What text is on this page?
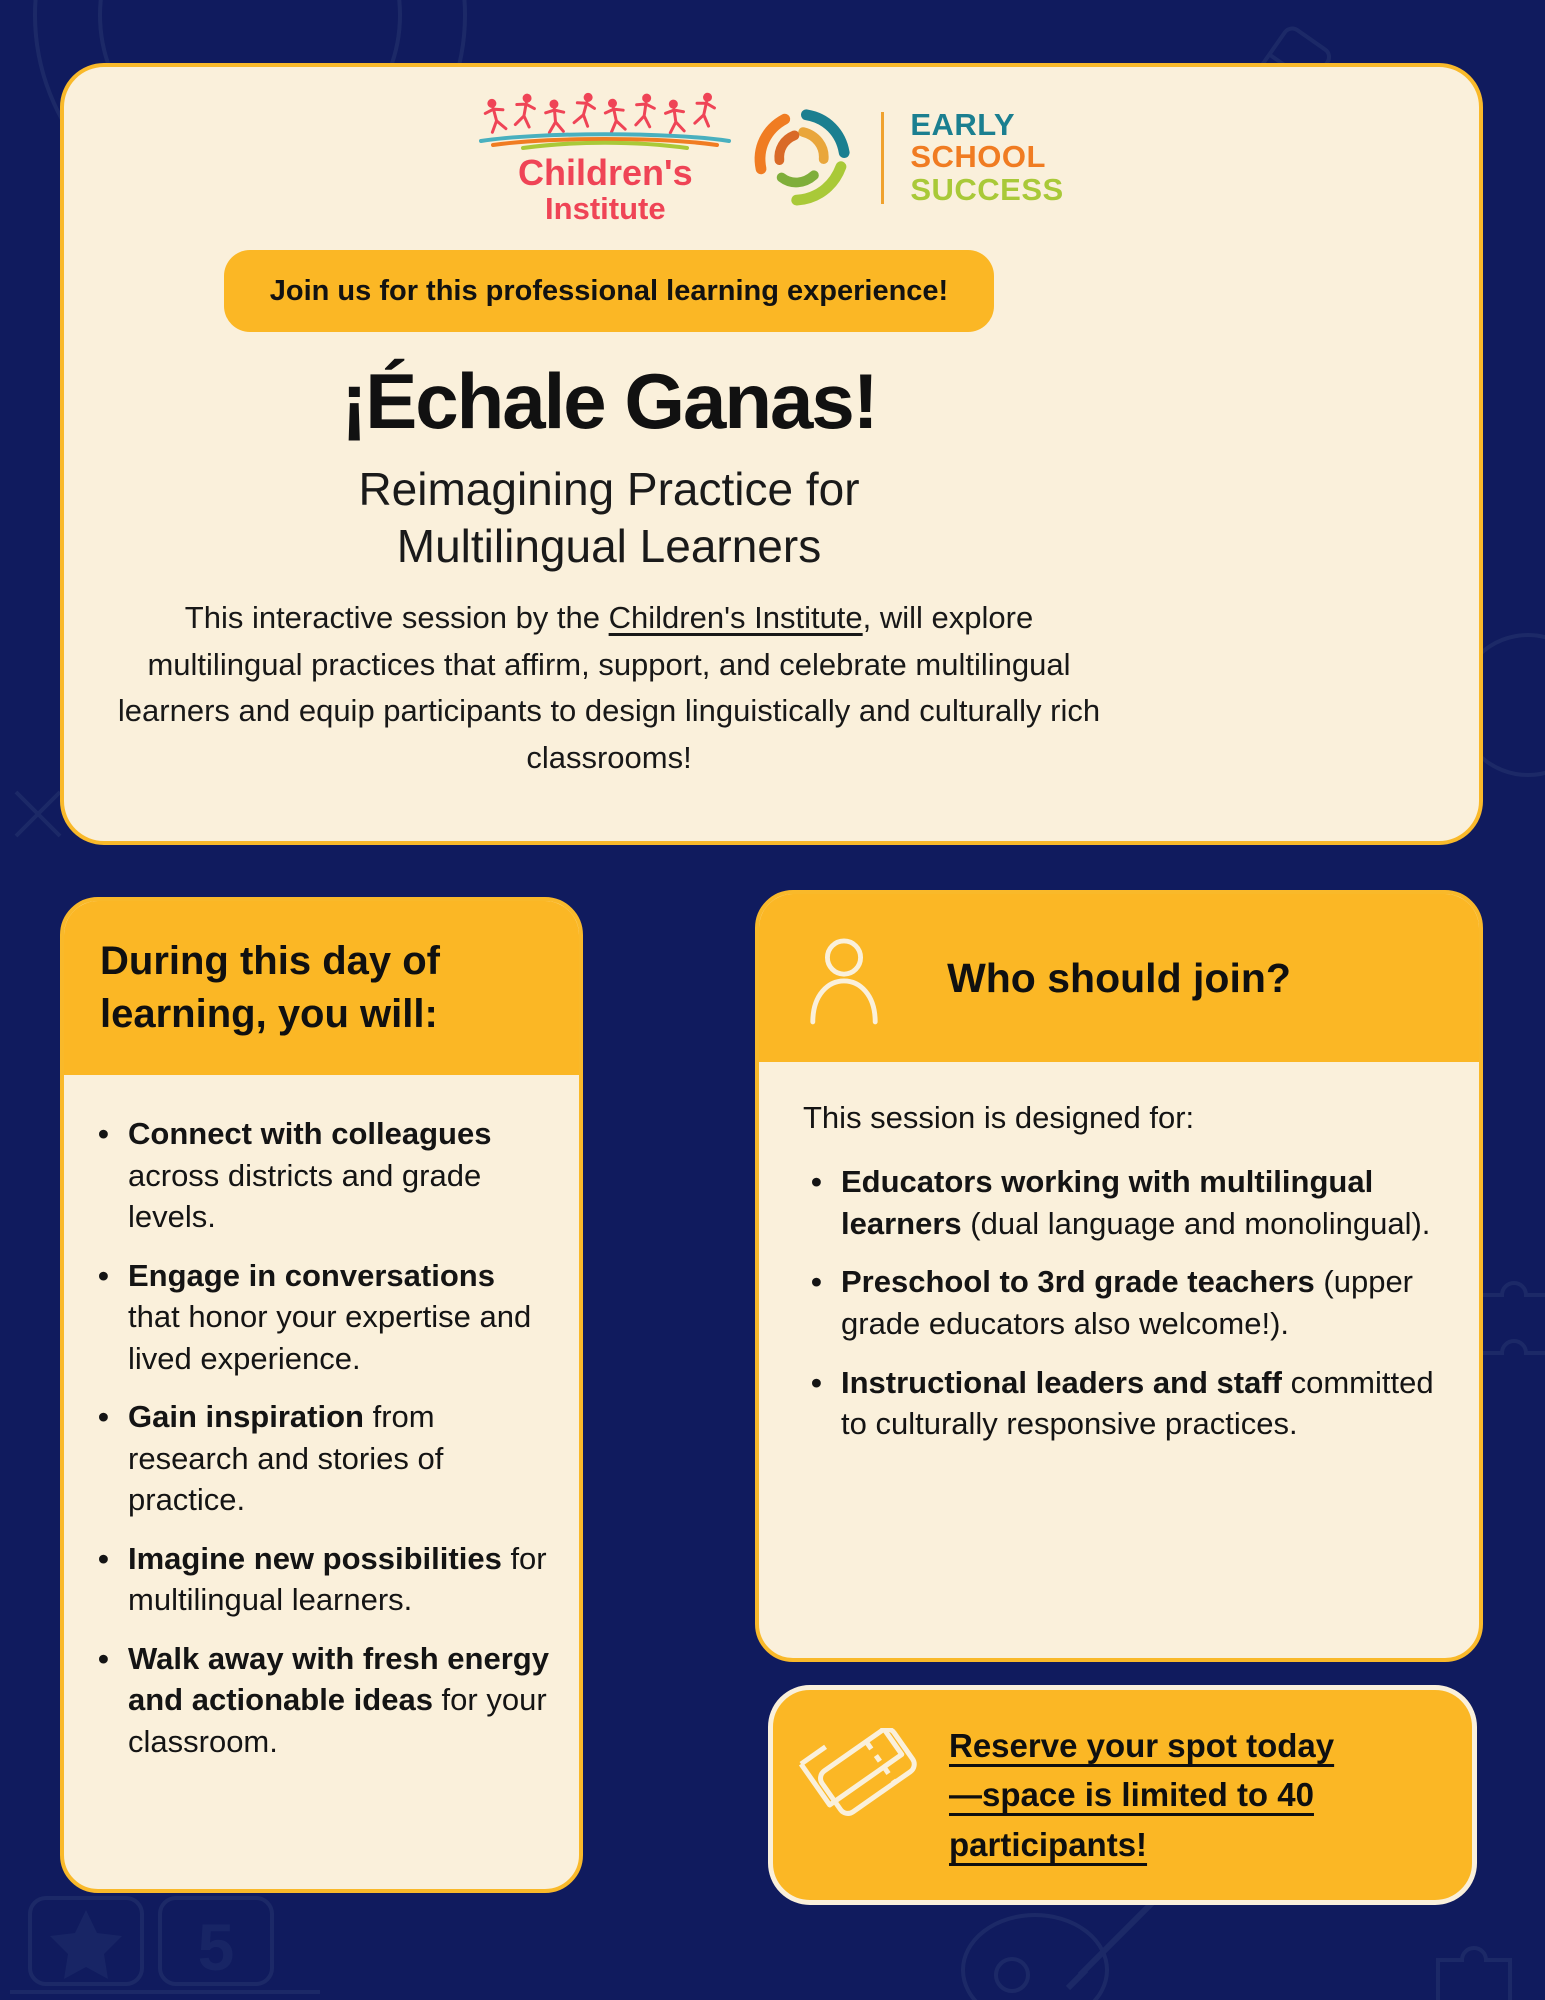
5
Children's
Institute
EARLY
SCHOOL
SUCCESS
Join us for this professional learning experience!
¡Échale Ganas!
Reimagining Practice for
Multilingual Learners

This interactive session by the Children's Institute, will explore multilingual practices that affirm, support, and celebrate multilingual learners and equip participants to design linguistically and culturally rich classrooms!

During this day of learning, you will:
• Connect with colleagues across districts and grade levels.
• Engage in conversations that honor your expertise and lived experience.
• Gain inspiration from research and stories of practice.
• Imagine new possibilities for multilingual learners.
• Walk away with fresh energy and actionable ideas for your classroom.
Who should join?

This session is designed for:

• Educators working with multilingual learners (dual language and monolingual).
• Preschool to 3rd grade teachers (upper grade educators also welcome!).
• Instructional leaders and staff committed to culturally responsive practices.
Reserve your spot today
—space is limited to 40
participants!
